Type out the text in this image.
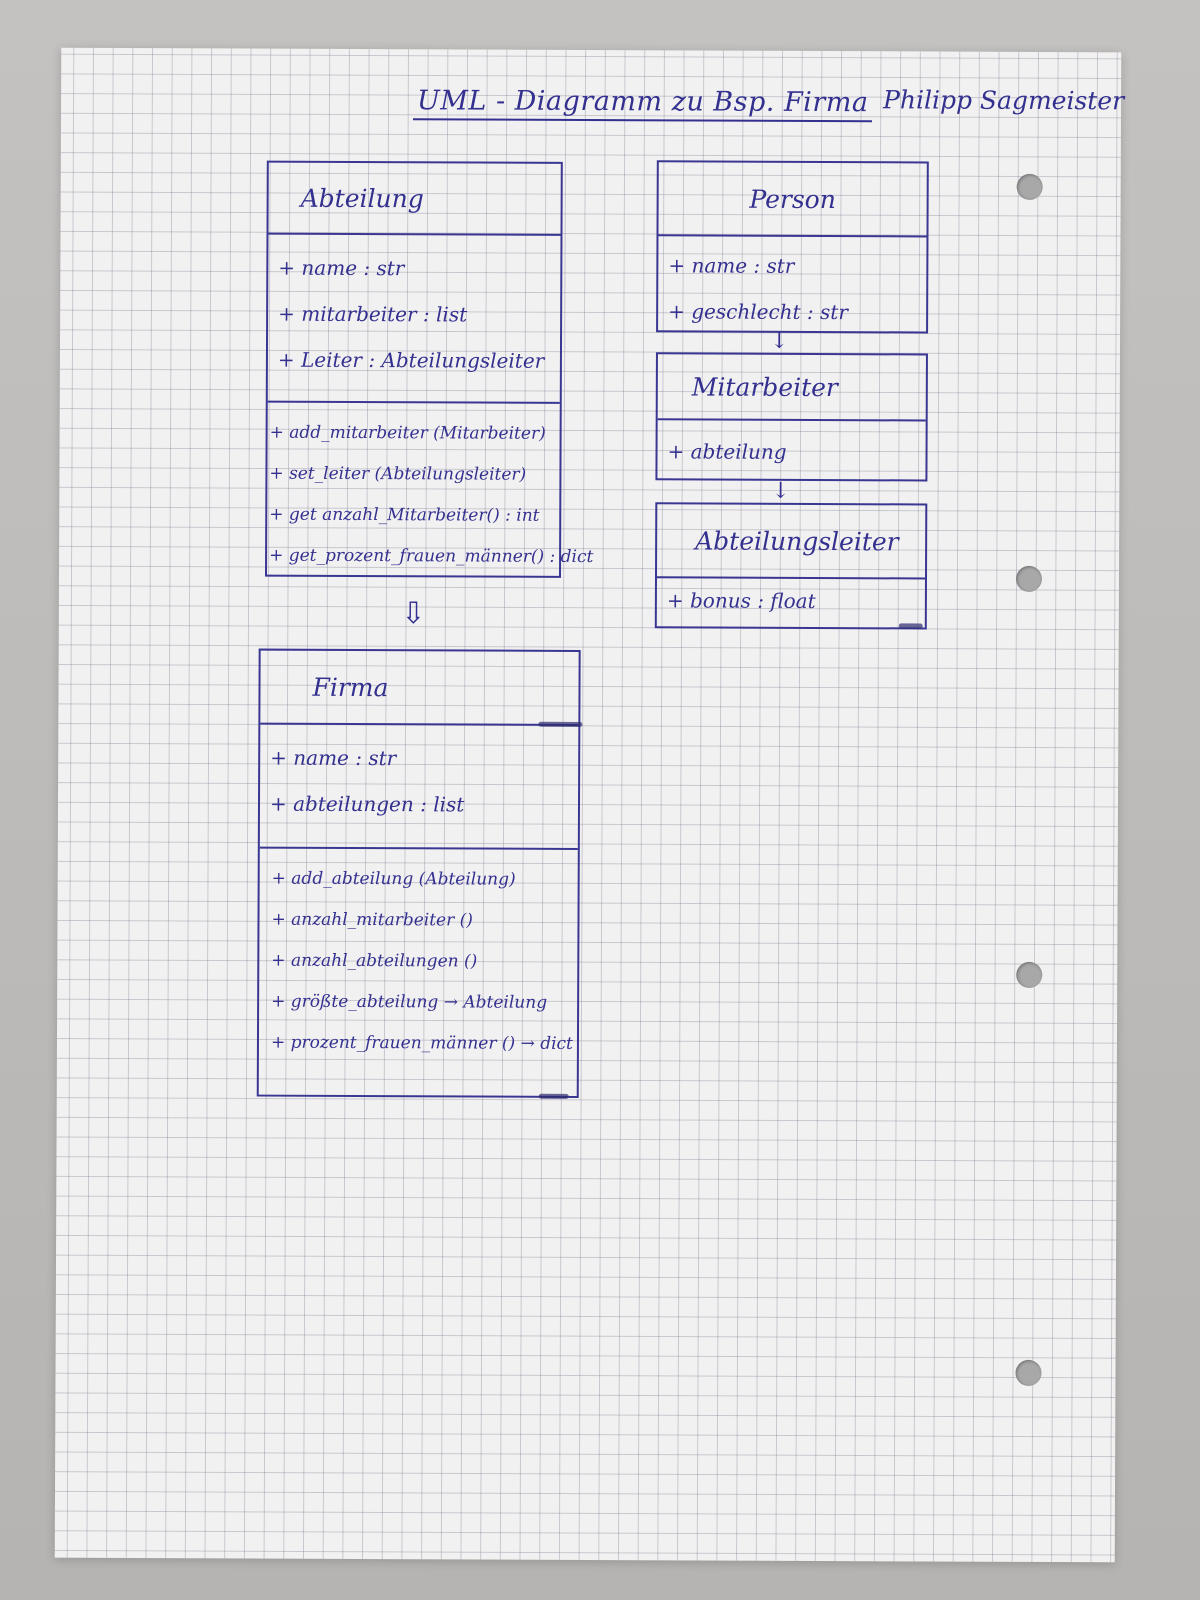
UML - Diagramm zu Bsp. Firma Philipp Sagmeister
Abteilung
+ name : str
+ mitarbeiter : list
+ Leiter : Abteilungsleiter
+ add_mitarbeiter (Mitarbeiter)
+ set_leiter (Abteilungsleiter)
+ get anzahl_Mitarbeiter() : int
+ get_prozent_frauen_männer() : dict
⇩
Firma
+ name : str
+ abteilungen : list
+ add_abteilung (Abteilung)
+ anzahl_mitarbeiter ()
+ anzahl_abteilungen ()
+ größte_abteilung → Abteilung
+ prozent_frauen_männer () → dict
Person
+ name : str
+ geschlecht : str
↓
Mitarbeiter
+ abteilung
↓
Abteilungsleiter
+ bonus : float
